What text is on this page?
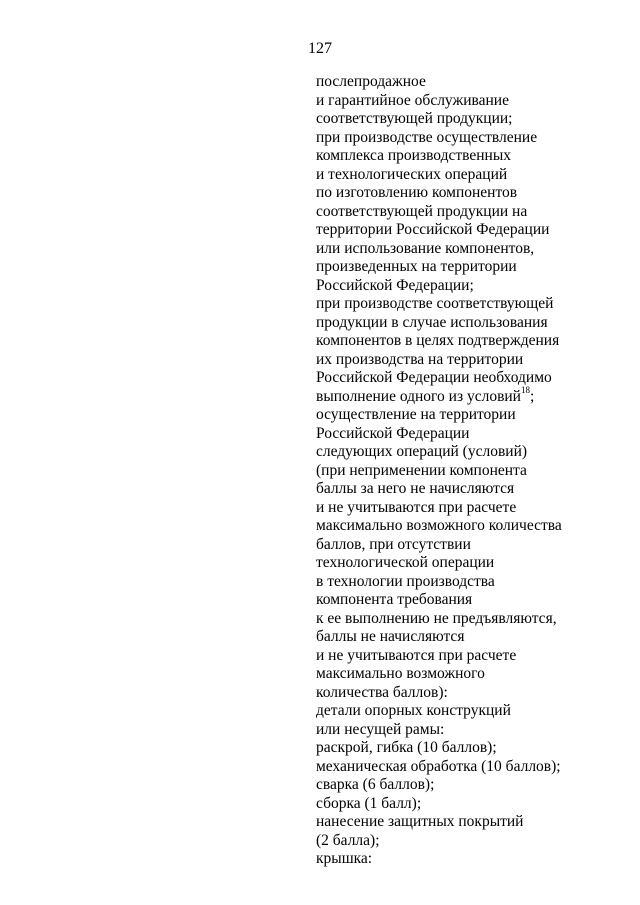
127
послепродажное
и гарантийное обслуживание
соответствующей продукции;
при производстве осуществление
комплекса производственных
и технологических операций
по изготовлению компонентов
соответствующей продукции на
территории Российской Федерации
или использование компонентов,
произведенных на территории
Российской Федерации;
при производстве соответствующей
продукции в случае использования
компонентов в целях подтверждения
их производства на территории
Российской Федерации необходимо
выполнение одного из условий$^{18}$;
осуществление на территории
Российской Федерации
следующих операций (условий)
(при неприменении компонента
баллы за него не начисляются
и не учитываются при расчете
максимально возможного количества
баллов, при отсутствии
технологической операции
в технологии производства
компонента требования
к ее выполнению не предъявляются,
баллы не начисляются
и не учитываются при расчете
максимально возможного
количества баллов):
детали опорных конструкций
или несущей рамы:
раскрой, гибка (10 баллов);
механическая обработка (10 баллов);
сварка (6 баллов);
сборка (1 балл);
нанесение защитных покрытий
(2 балла);
крышка:
